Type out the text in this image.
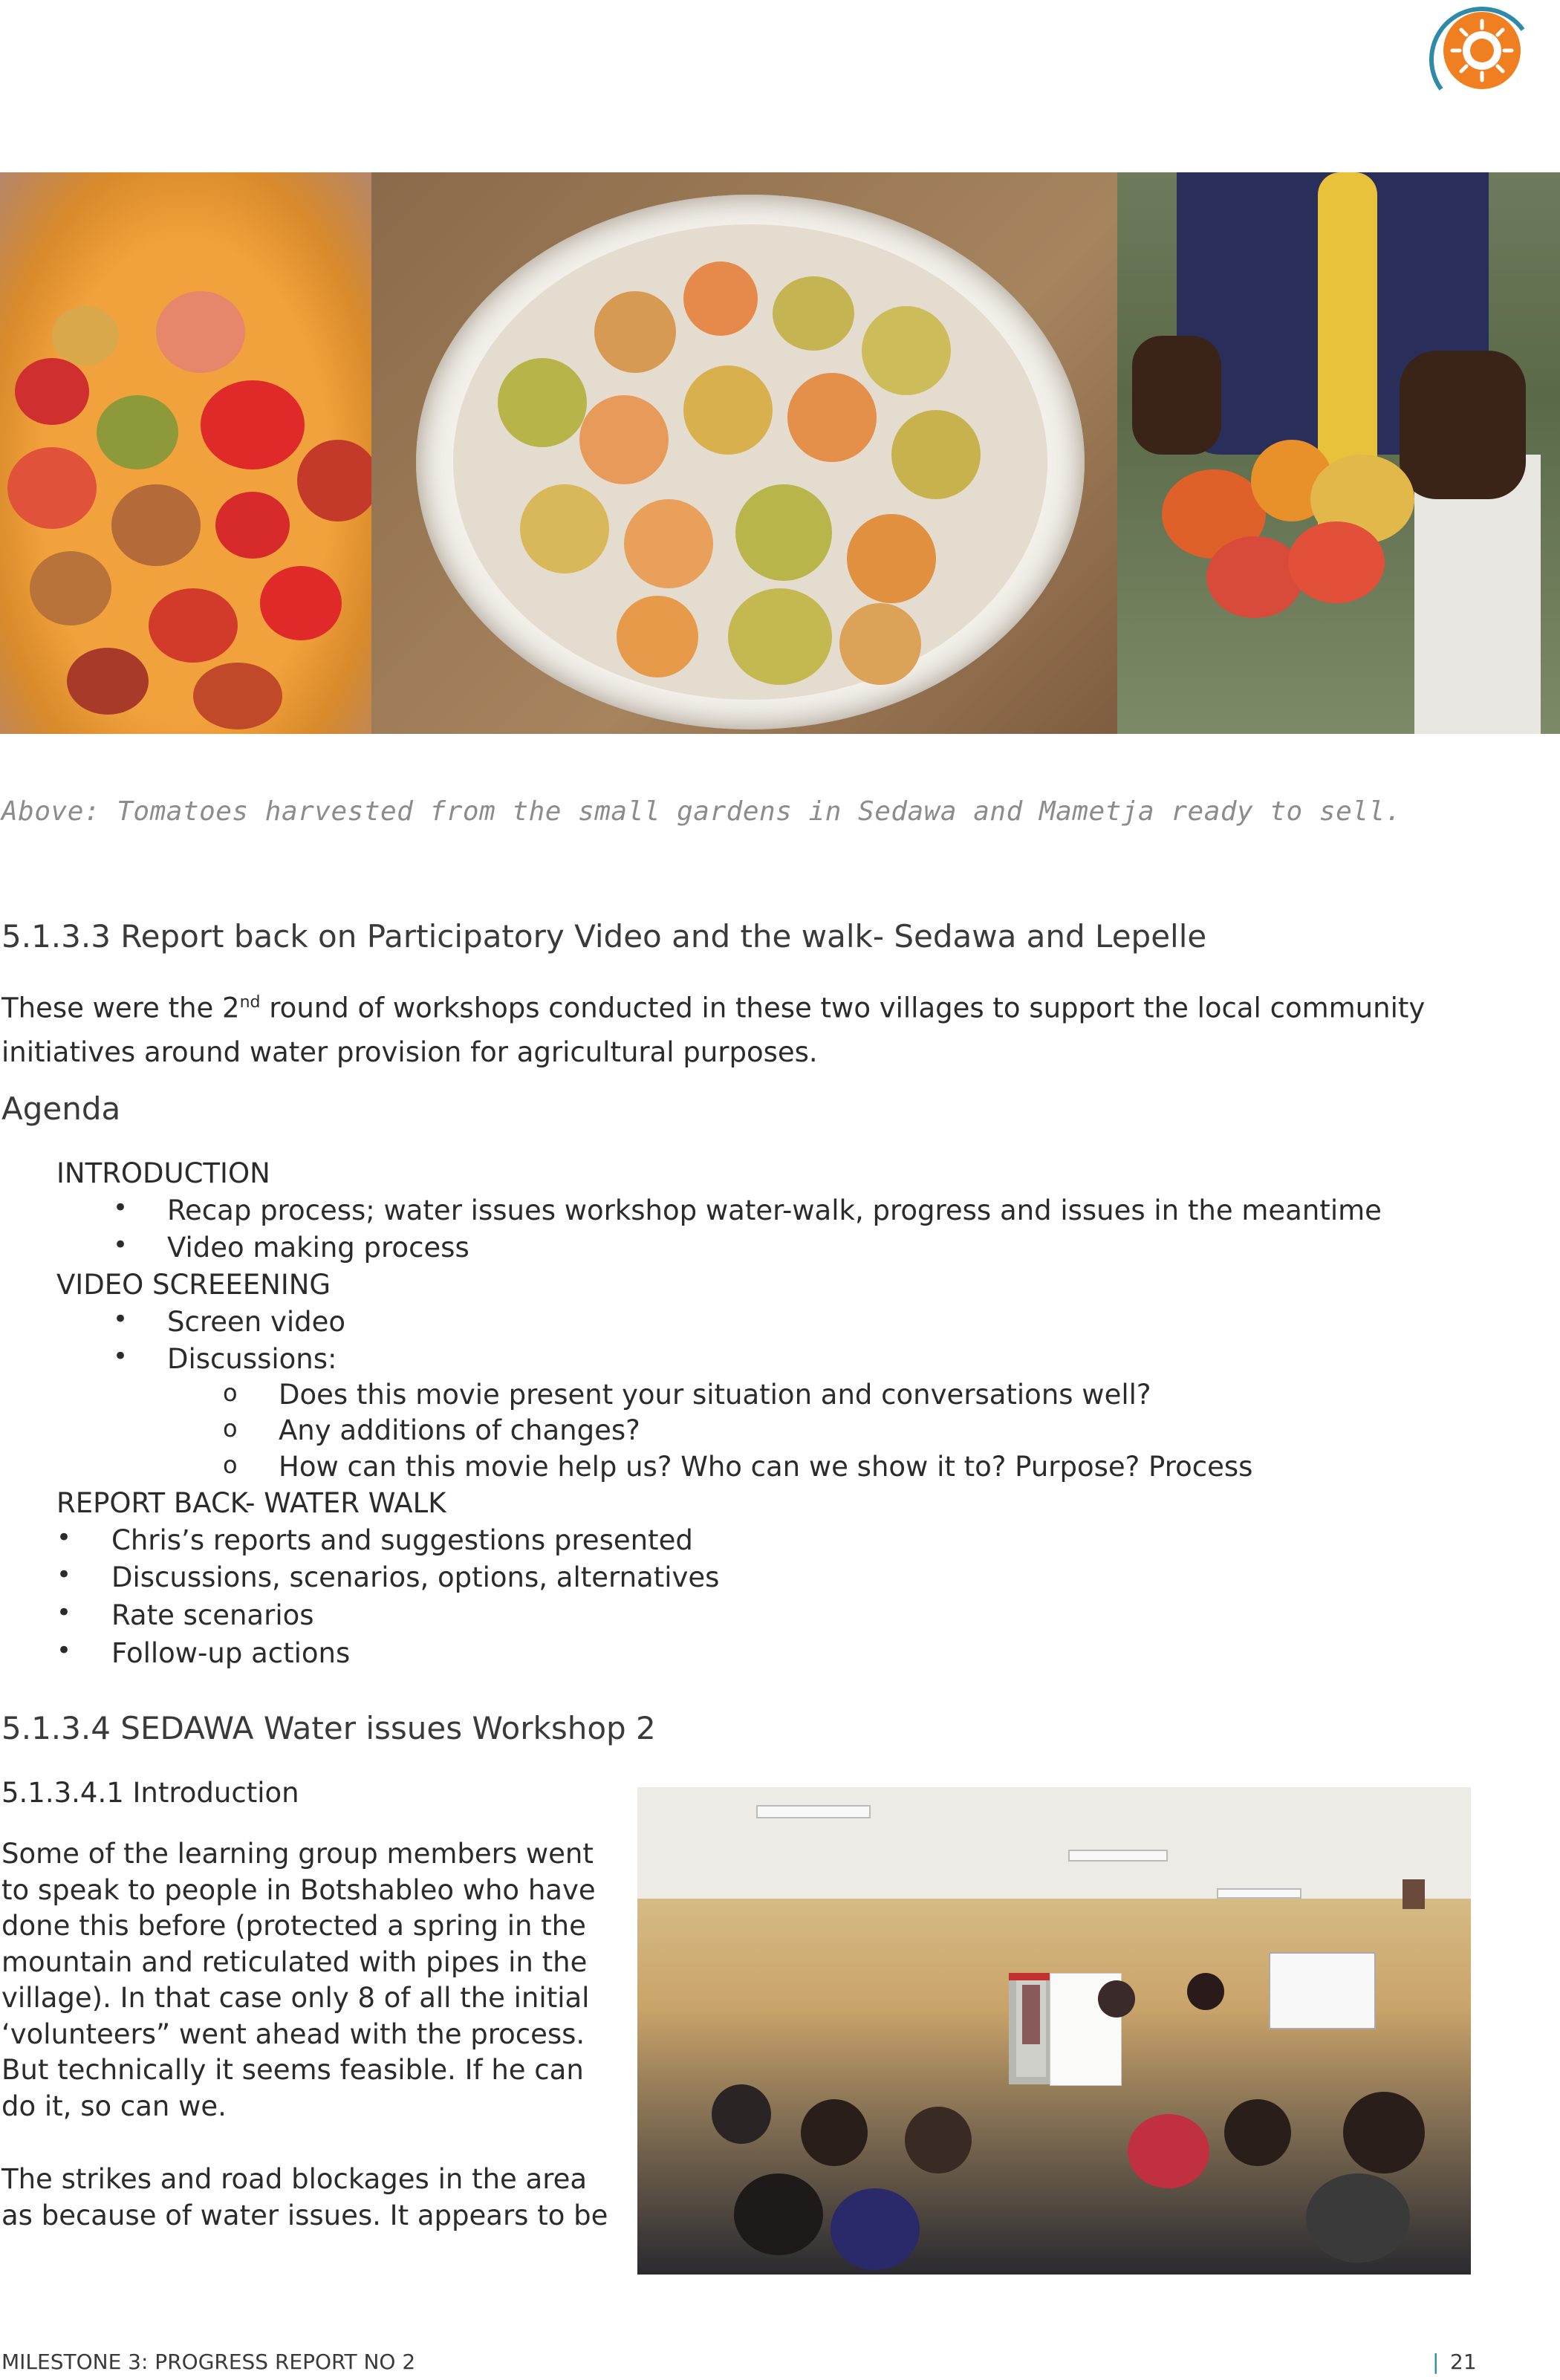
Above: Tomatoes harvested from the small gardens in Sedawa and Mametja ready to sell.
5.1.3.3 Report back on Participatory Video and the walk- Sedawa and Lepelle
These were the 2nd round of workshops conducted in these two villages to support the local community initiatives around water provision for agricultural purposes.
Agenda
INTRODUCTION
• Recap process; water issues workshop water-walk, progress and issues in the meantime
• Video making process
VIDEO SCREEENING
• Screen video
• Discussions:
o Does this movie present your situation and conversations well?
o Any additions of changes?
o How can this movie help us? Who can we show it to? Purpose? Process
REPORT BACK- WATER WALK
• Chris’s reports and suggestions presented
• Discussions, scenarios, options, alternatives
• Rate scenarios
• Follow-up actions
5.1.3.4 SEDAWA Water issues Workshop 2
5.1.3.4.1 Introduction
Some of the learning group members went to speak to people in Botshableo who have done this before (protected a spring in the mountain and reticulated with pipes in the village). In that case only 8 of all the initial ‘volunteers” went ahead with the process. But technically it seems feasible. If he can do it, so can we.
The strikes and road blockages in the area as because of water issues. It appears to be
MILESTONE 3: PROGRESS REPORT NO 2	| 21
